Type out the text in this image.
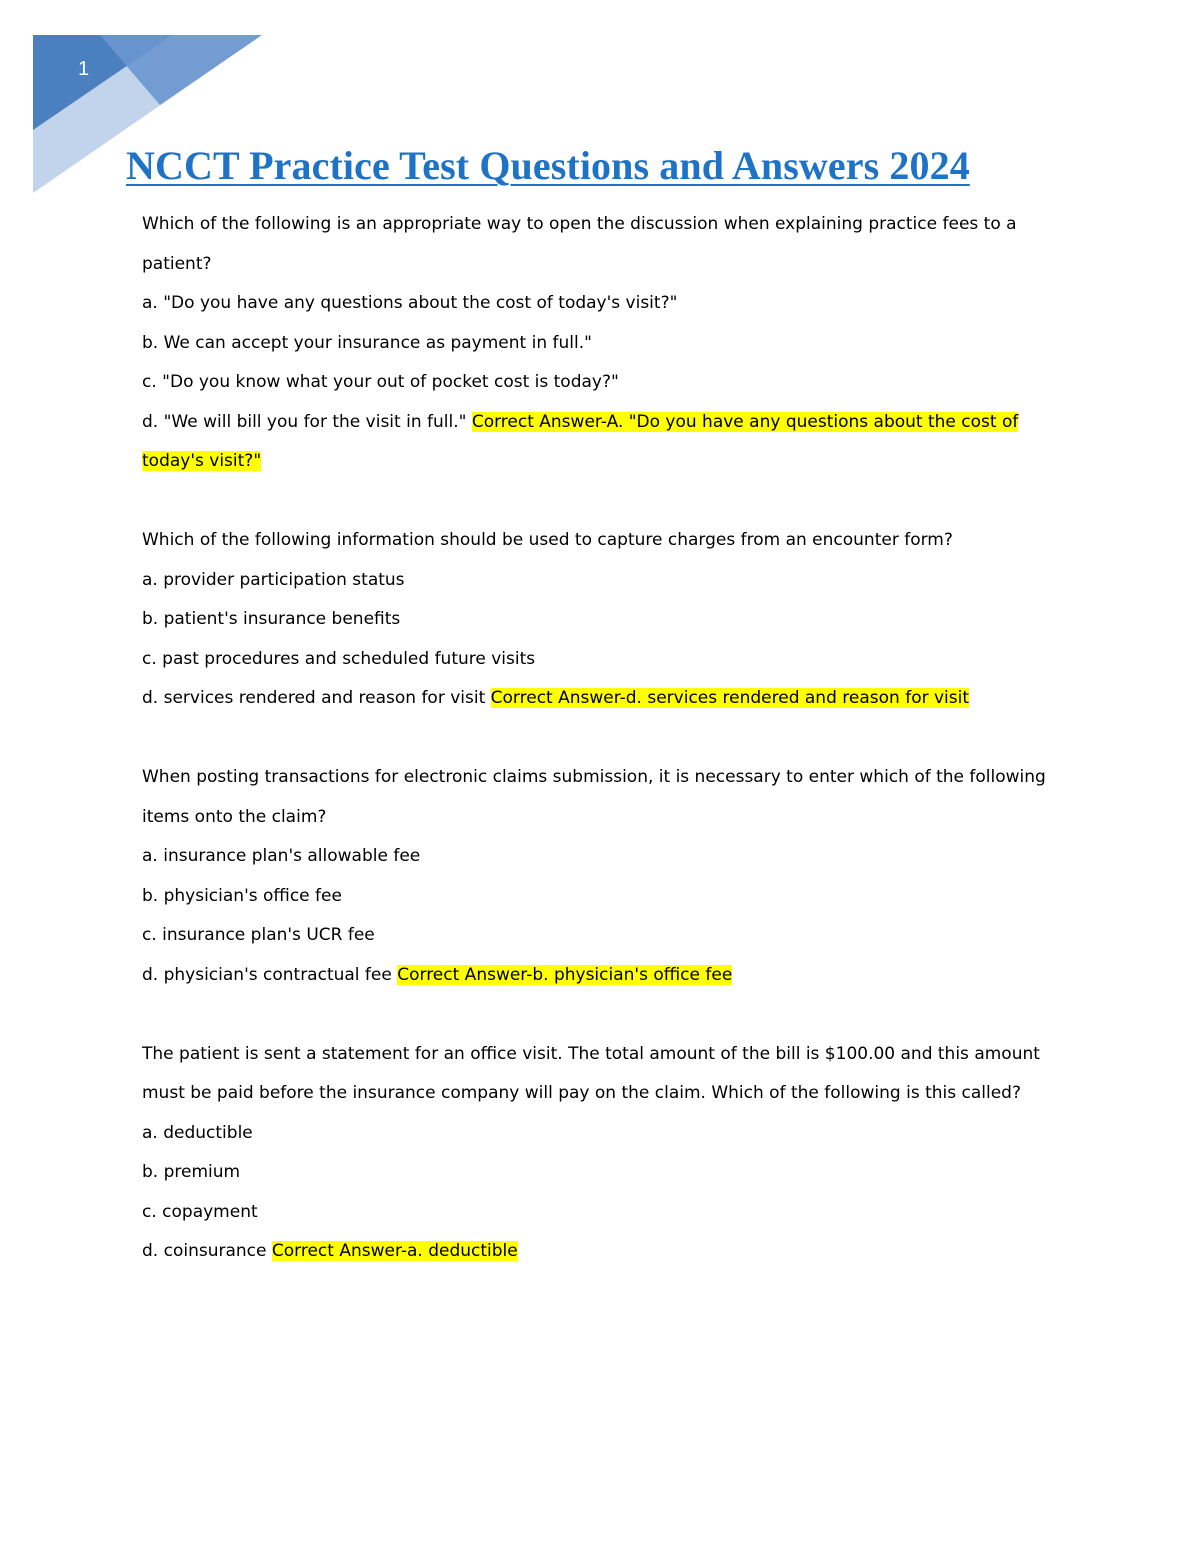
1
NCCT Practice Test Questions and Answers 2024
Which of the following is an appropriate way to open the discussion when explaining practice fees to a
patient?
a. "Do you have any questions about the cost of today's visit?"
b. We can accept your insurance as payment in full."
c. "Do you know what your out of pocket cost is today?"
d. "We will bill you for the visit in full." Correct Answer-A. "Do you have any questions about the cost of
today's visit?"
Which of the following information should be used to capture charges from an encounter form?
a. provider participation status
b. patient's insurance benefits
c. past procedures and scheduled future visits
d. services rendered and reason for visit Correct Answer-d. services rendered and reason for visit
When posting transactions for electronic claims submission, it is necessary to enter which of the following
items onto the claim?
a. insurance plan's allowable fee
b. physician's office fee
c. insurance plan's UCR fee
d. physician's contractual fee Correct Answer-b. physician's office fee
The patient is sent a statement for an office visit. The total amount of the bill is $100.00 and this amount
must be paid before the insurance company will pay on the claim. Which of the following is this called?
a. deductible
b. premium
c. copayment
d. coinsurance Correct Answer-a. deductible
